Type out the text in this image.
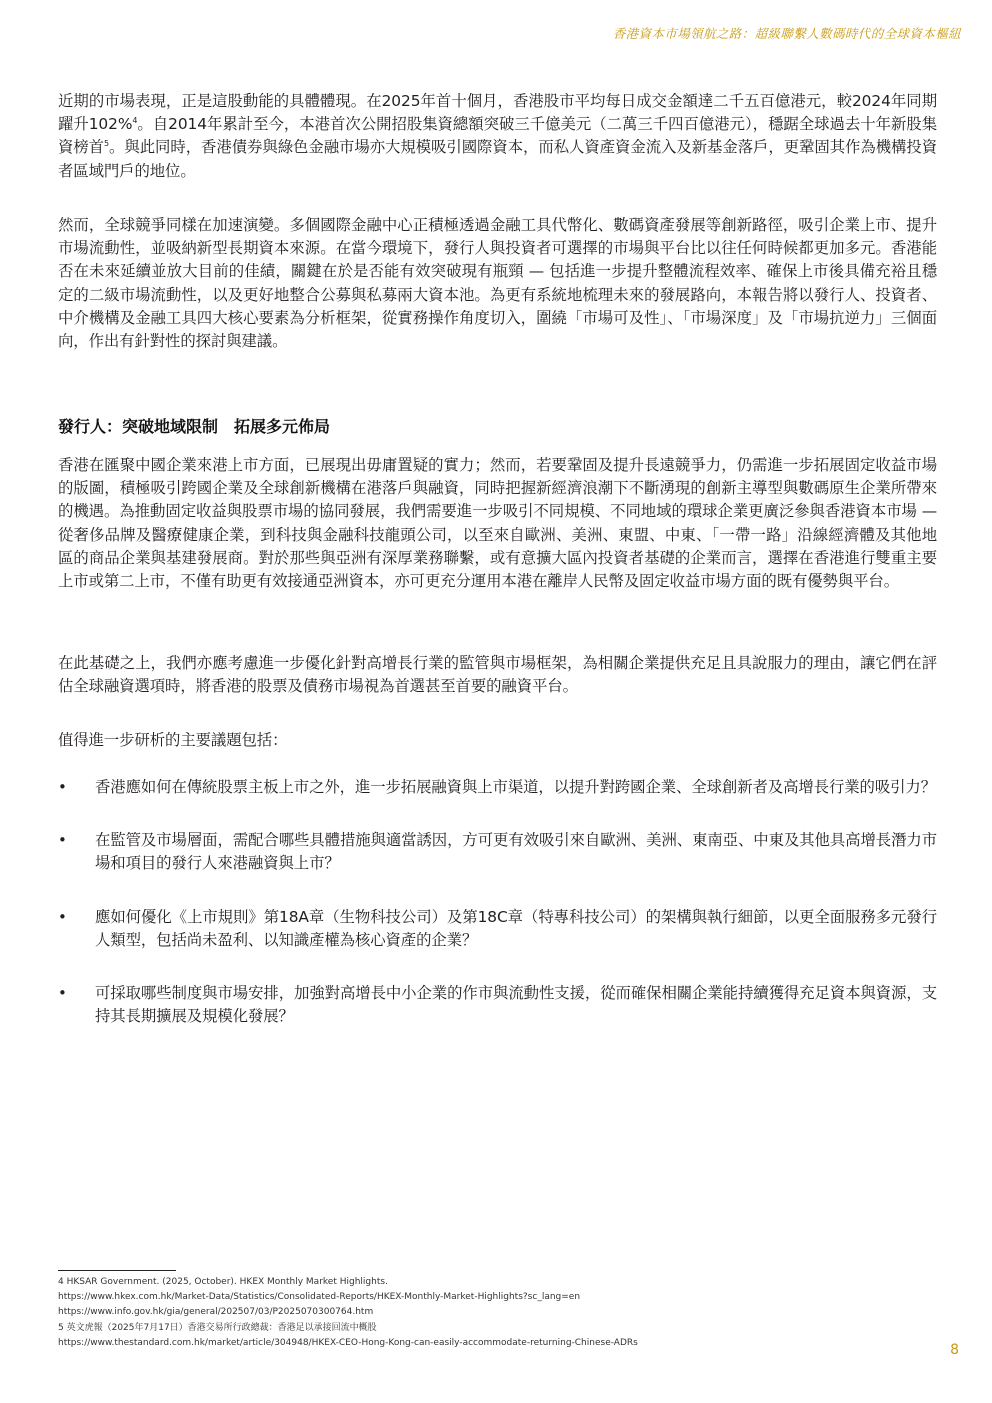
香港資本市場領航之路：超級聯繫人數碼時代的全球資本樞紐
近期的市場表現，正是這股動能的具體體現。在2025年首十個月，香港股市平均每日成交金額達二千五百億港元，較2024年同期躍升102%$^4$。自2014年累計至今，本港首次公開招股集資總額突破三千億美元（二萬三千四百億港元），穩踞全球過去十年新股集資榜首$^5$。與此同時，香港債券與綠色金融市場亦大規模吸引國際資本，而私人資產資金流入及新基金落戶，更鞏固其作為機構投資者區域門戶的地位。
然而，全球競爭同樣在加速演變。多個國際金融中心正積極透過金融工具代幣化、數碼資產發展等創新路徑，吸引企業上市、提升市場流動性，並吸納新型長期資本來源。在當今環境下，發行人與投資者可選擇的市場與平台比以往任何時候都更加多元。香港能否在未來延續並放大目前的佳績，關鍵在於是否能有效突破現有瓶頸 — 包括進一步提升整體流程效率、確保上市後具備充裕且穩定的二級市場流動性，以及更好地整合公募與私募兩大資本池。為更有系統地梳理未來的發展路向，本報告將以發行人、投資者、中介機構及金融工具四大核心要素為分析框架，從實務操作角度切入，圍繞「市場可及性」、「市場深度」及「市場抗逆力」三個面向，作出有針對性的探討與建議。
發行人：突破地域限制　拓展多元佈局
香港在匯聚中國企業來港上市方面，已展現出毋庸置疑的實力；然而，若要鞏固及提升長遠競爭力，仍需進一步拓展固定收益市場的版圖，積極吸引跨國企業及全球創新機構在港落戶與融資，同時把握新經濟浪潮下不斷湧現的創新主導型與數碼原生企業所帶來的機遇。為推動固定收益與股票市場的協同發展，我們需要進一步吸引不同規模、不同地域的環球企業更廣泛參與香港資本市場 — 從奢侈品牌及醫療健康企業，到科技與金融科技龍頭公司，以至來自歐洲、美洲、東盟、中東、「一帶一路」沿線經濟體及其他地區的商品企業與基建發展商。對於那些與亞洲有深厚業務聯繫，或有意擴大區內投資者基礎的企業而言，選擇在香港進行雙重主要上市或第二上市，不僅有助更有效接通亞洲資本，亦可更充分運用本港在離岸人民幣及固定收益市場方面的既有優勢與平台。
在此基礎之上，我們亦應考慮進一步優化針對高增長行業的監管與市場框架，為相關企業提供充足且具說服力的理由，讓它們在評估全球融資選項時，將香港的股票及債務市場視為首選甚至首要的融資平台。
值得進一步研析的主要議題包括：
•	香港應如何在傳統股票主板上市之外，進一步拓展融資與上市渠道，以提升對跨國企業、全球創新者及高增長行業的吸引力？
•	在監管及市場層面，需配合哪些具體措施與適當誘因，方可更有效吸引來自歐洲、美洲、東南亞、中東及其他具高增長潛力市場和項目的發行人來港融資與上市？
•	應如何優化《上市規則》第18A章（生物科技公司）及第18C章（特專科技公司）的架構與執行細節，以更全面服務多元發行人類型，包括尚未盈利、以知識產權為核心資產的企業？
•	可採取哪些制度與市場安排，加強對高增長中小企業的作市與流動性支援，從而確保相關企業能持續獲得充足資本與資源，支持其長期擴展及規模化發展？
4 HKSAR Government. (2025, October). HKEX Monthly Market Highlights.
https://www.hkex.com.hk/Market-Data/Statistics/Consolidated-Reports/HKEX-Monthly-Market-Highlights?sc_lang=en
https://www.info.gov.hk/gia/general/202507/03/P2025070300764.htm
5 英文虎報（2025年7月17日）香港交易所行政總裁：香港足以承接回流中概股
https://www.thestandard.com.hk/market/article/304948/HKEX-CEO-Hong-Kong-can-easily-accommodate-returning-Chinese-ADRs	8
